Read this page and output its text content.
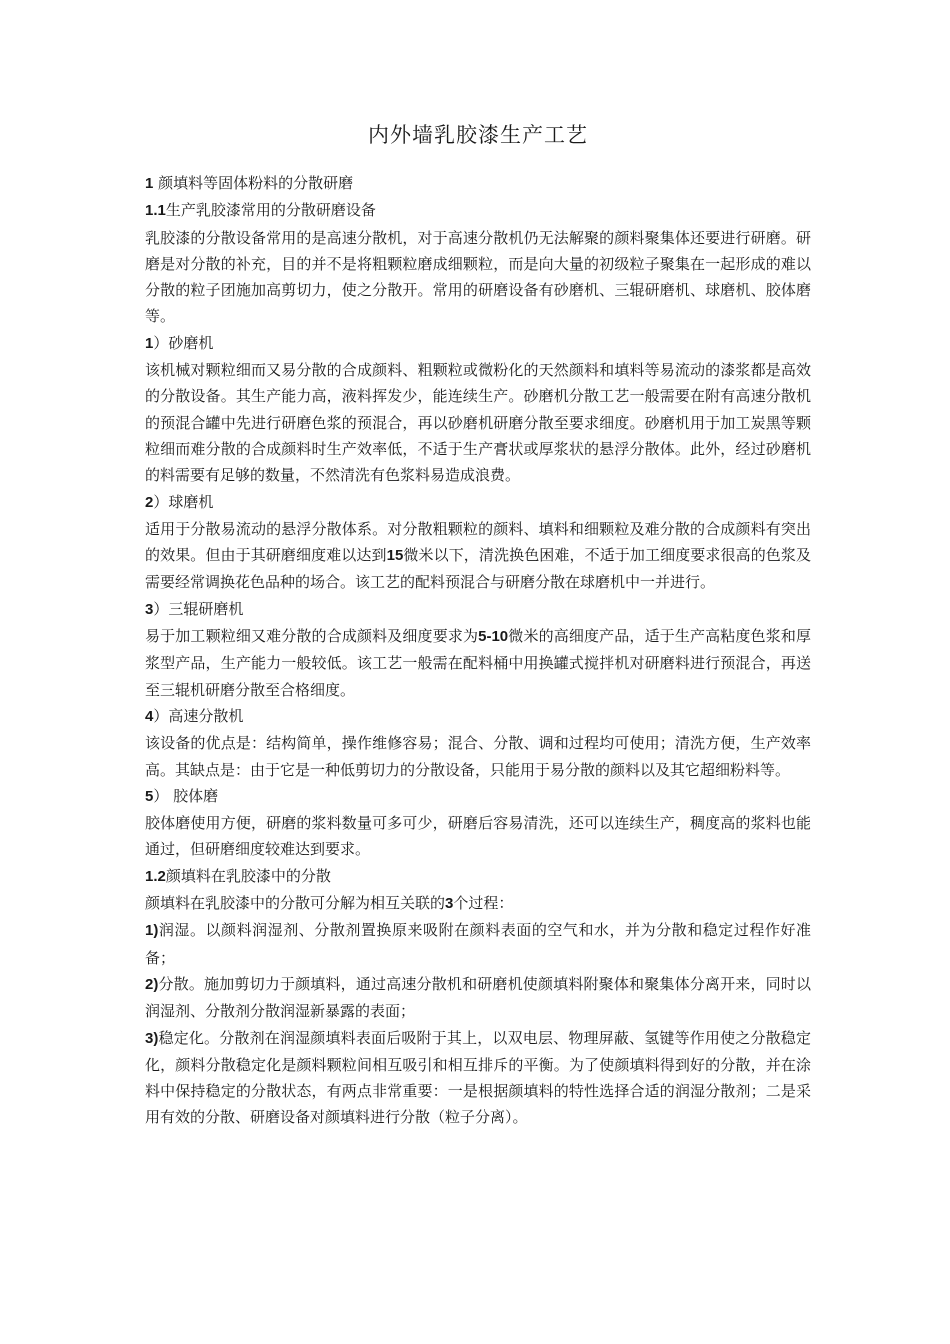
内外墙乳胶漆生产工艺

1 颜填料等固体粉料的分散研磨

1.1生产乳胶漆常用的分散研磨设备

乳胶漆的分散设备常用的是高速分散机，对于高速分散机仍无法解聚的颜料聚集体还要进行研磨。研磨是对分散的补充，目的并不是将粗颗粒磨成细颗粒，而是向大量的初级粒子聚集在一起形成的难以分散的粒子团施加高剪切力，使之分散开。常用的研磨设备有砂磨机、三辊研磨机、球磨机、胶体磨等。

1）砂磨机

该机械对颗粒细而又易分散的合成颜料、粗颗粒或微粉化的天然颜料和填料等易流动的漆浆都是高效的分散设备。其生产能力高，液料挥发少，能连续生产。砂磨机分散工艺一般需要在附有高速分散机的预混合罐中先进行研磨色浆的预混合，再以砂磨机研磨分散至要求细度。砂磨机用于加工炭黑等颗粒细而难分散的合成颜料时生产效率低，不适于生产膏状或厚浆状的悬浮分散体。此外，经过砂磨机的料需要有足够的数量，不然清洗有色浆料易造成浪费。

2）球磨机

适用于分散易流动的悬浮分散体系。对分散粗颗粒的颜料、填料和细颗粒及难分散的合成颜料有突出的效果。但由于其研磨细度难以达到15微米以下，清洗换色困难，不适于加工细度要求很高的色浆及需要经常调换花色品种的场合。该工艺的配料预混合与研磨分散在球磨机中一并进行。

3）三辊研磨机

易于加工颗粒细又难分散的合成颜料及细度要求为5-10微米的高细度产品，适于生产高粘度色浆和厚浆型产品，生产能力一般较低。该工艺一般需在配料桶中用换罐式搅拌机对研磨料进行预混合，再送至三辊机研磨分散至合格细度。

4）高速分散机

该设备的优点是：结构简单，操作维修容易；混合、分散、调和过程均可使用；清洗方便，生产效率高。其缺点是：由于它是一种低剪切力的分散设备，只能用于易分散的颜料以及其它超细粉料等。

5） 胶体磨

胶体磨使用方便，研磨的浆料数量可多可少，研磨后容易清洗，还可以连续生产，稠度高的浆料也能通过，但研磨细度较难达到要求。

1.2颜填料在乳胶漆中的分散

颜填料在乳胶漆中的分散可分解为相互关联的3个过程：

1)润湿。以颜料润湿剂、分散剂置换原来吸附在颜料表面的空气和水，并为分散和稳定过程作好准备；

2)分散。施加剪切力于颜填料，通过高速分散机和研磨机使颜填料附聚体和聚集体分离开来，同时以润湿剂、分散剂分散润湿新暴露的表面；

3)稳定化。分散剂在润湿颜填料表面后吸附于其上，以双电层、物理屏蔽、氢键等作用使之分散稳定化，颜料分散稳定化是颜料颗粒间相互吸引和相互排斥的平衡。为了使颜填料得到好的分散，并在涂料中保持稳定的分散状态，有两点非常重要：一是根据颜填料的特性选择合适的润湿分散剂；二是采用有效的分散、研磨设备对颜填料进行分散（粒子分离）。
